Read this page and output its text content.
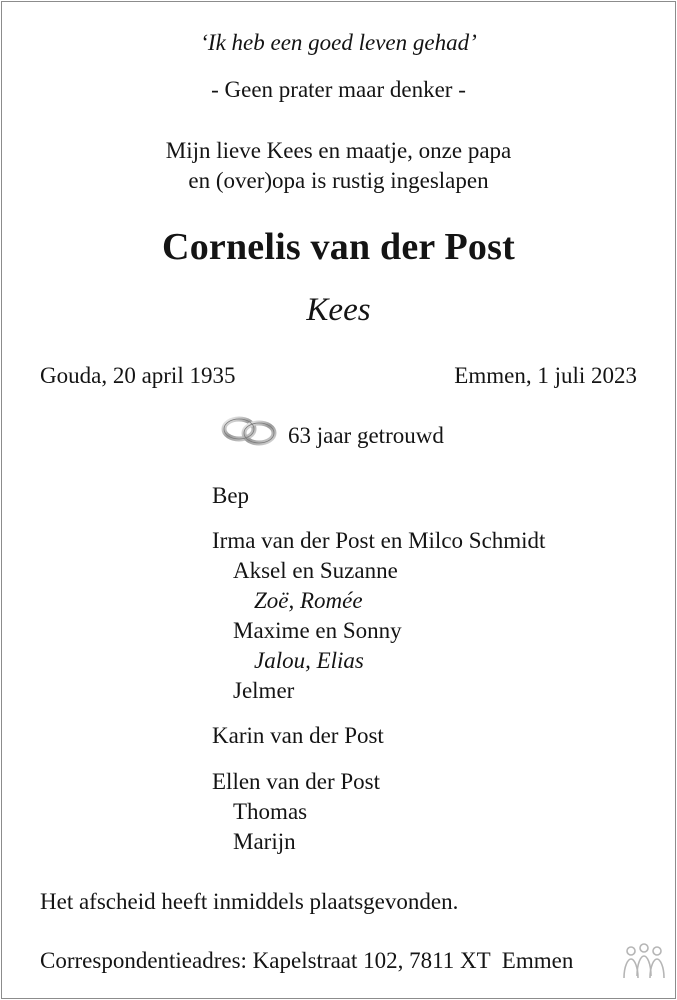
‘Ik heb een goed leven gehad’
- Geen prater maar denker -
Mijn lieve Kees en maatje, onze papa
en (over)opa is rustig ingeslapen
Cornelis van der Post
Kees
Gouda, 20 april 1935	Emmen, 1 juli 2023
63 jaar getrouwd
Bep
Irma van der Post en Milco Schmidt
Aksel en Suzanne
Zoë, Romée
Maxime en Sonny
Jalou, Elias
Jelmer
Karin van der Post
Ellen van der Post
Thomas
Marijn
Het afscheid heeft inmiddels plaatsgevonden.
Correspondentieadres: Kapelstraat 102, 7811 XT  Emmen
